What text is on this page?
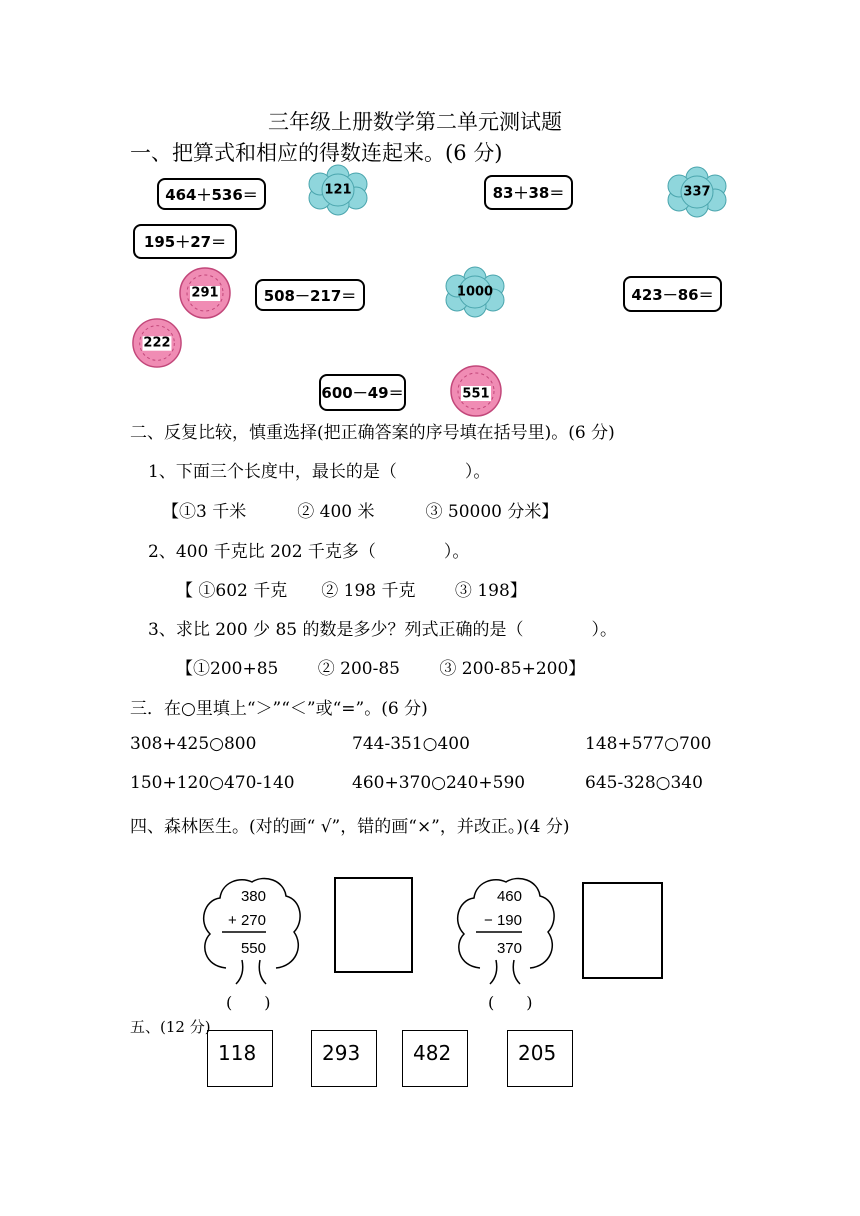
三年级上册数学第二单元测试题
一、把算式和相应的得数连起来。(6 分)
464＋536＝	83＋38＝
195＋27＝
508－217＝	423－86＝
600－49＝
121	337
1000
291
222
551
二、反复比较，慎重选择(把正确答案的序号填在括号里)。(6 分)
1、下面三个长度中，最长的是（　　　　）。
【①3 千米　　　② 400 米　　　③ 50000 分米】
2、400 千克比 202 千克多（　　　　）。
【 ①602 千克　　② 198 千克　　 ③ 198】
3、求比 200 少 85 的数是多少？列式正确的是（　　　　）。
【①200+85　　 ② 200-85　　 ③ 200-85+200】
三．在○里填上“＞”“＜”或“=”。(6 分)
308+425○800	744-351○400	148+577○700
150+120○470-140	460+370○240+590	645-328○340
四、森林医生。(对的画“ √”，错的画“×”，并改正。)(4 分)
380
+ 270
550
(　　)
460
− 190
370
(　　)
五、(12 分)
118	293	482	205
